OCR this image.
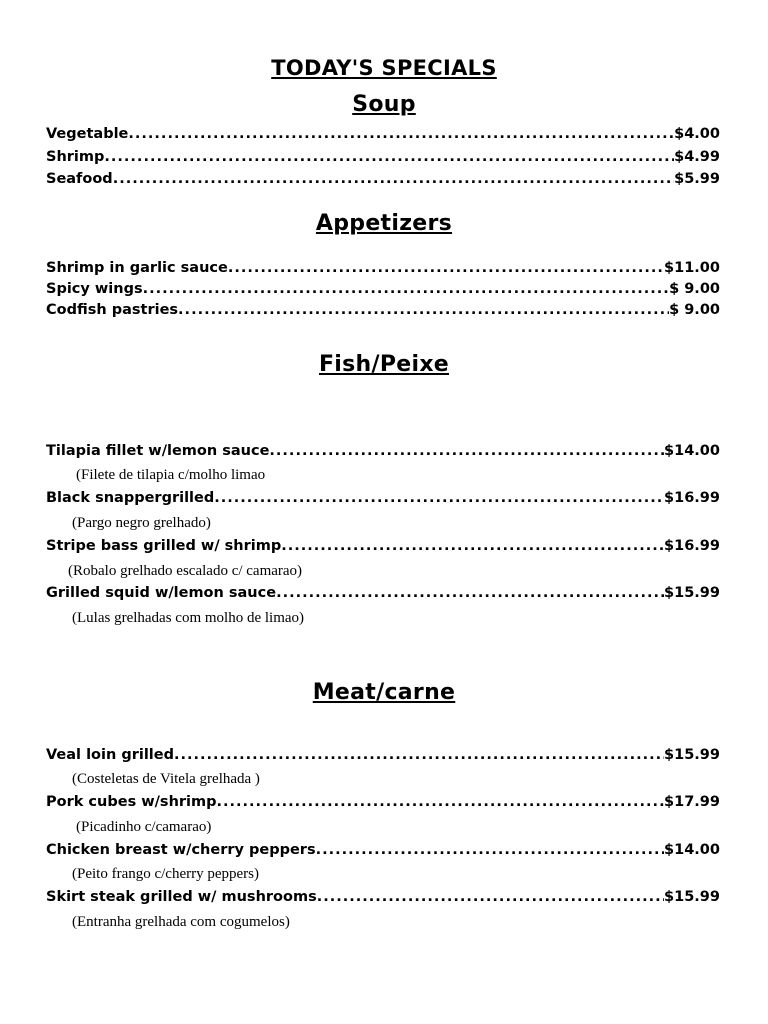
TODAY'S SPECIALS
Soup
Vegetable .....	$4.00
Shrimp .....	$4.99
Seafood .....	$5.99
Appetizers
Shrimp in garlic sauce .....	$11.00
Spicy wings .....	$ 9.00
Codfish pastries .....	$ 9.00
Fish/Peixe
Tilapia fillet w/lemon sauce .....	$14.00
(Filete de tilapia c/molho limao
Black snappergrilled .....	$16.99
(Pargo negro grelhado)
Stripe bass grilled w/ shrimp .....	$16.99
(Robalo grelhado escalado c/ camarao)
Grilled squid w/lemon sauce .....	$15.99
(Lulas grelhadas com molho de limao)
Meat/carne
Veal loin grilled .....	$15.99
(Costeletas de Vitela grelhada )
Pork cubes w/shrimp .....	$17.99
(Picadinho c/camarao)
Chicken breast w/cherry peppers .....	$14.00
(Peito frango c/cherry peppers)
Skirt steak grilled w/ mushrooms .....	$15.99
(Entranha grelhada com cogumelos)
